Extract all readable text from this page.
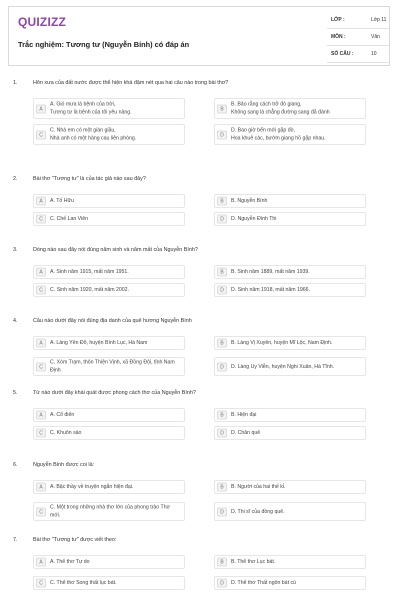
QUIZIZZ
Trắc nghiệm: Tương tư (Nguyễn Bính) có đáp án
LỚP :	Lớp 11
MÔN :	Văn
SỐ CÂU :	10
1.	Hôn xưa của đất nước được thể hiện khá đậm nét qua hai câu nào trong bài thơ?
A
A. Gió mưa là bệnh của trời,
Tương tư là bệnh của tôi yêu nàng.
B
B. Bảo rằng cách trở đò giang,
Không sang là chẳng đường sang đã đành
C
C. Nhà em có một giàn giầu,
Nhà anh có một hàng cau liên phòng.
D
D. Bao giờ bến mới gặp đò,
Hoa khuê các, bướm giang hồ gặp nhau.
2.	Bài thơ "Tương tư" là của tác giả nào sau đây?
A	A. Tố Hữu	B	B. Nguyễn Bính
C	C. Chế Lan Viên	D	D. Nguyễn Đình Thi
3.	Dòng nào sau đây nói đúng năm sinh và năm mất của Nguyễn Bính?
A	A. Sinh năm 1915, mất năm 1951.	B	B. Sinh năm 1889, mất năm 1939.
C	C. Sinh năm 1920, mất năm 2002.	D	D. Sinh năm 1918, mất năm 1966.
4.	Câu nào dưới đây nói đúng địa danh của quê hương Nguyễn Bính
A	A. Làng Yên Đổ, huyện Bình Lục, Hà Nam	B	B. Làng Vị Xuyên, huyện Mĩ Lộc, Nam Định.
C
C. Xóm Trạm, thôn Thiện Vịnh, xã Đồng Đội, tỉnh Nam Định
D	D. Làng Uy Viễn, huyện Nghi Xuân, Hà Tĩnh.
5.	Từ nào dưới đây khái quát được phong cách thơ của Nguyễn Bính?
A	A. Cổ điển	B	B. Hiện đại
C	C. Khuôn sáo	D	D. Chân quê
6.	Nguyễn Bính được coi là:
A	A. Bậc thầy về truyện ngắn hiện đại.	B	B. Người của hai thế kỉ.
C
C. Một trong những nhà thơ lớn của phong trào Thơ mới.
D	D. Thi sĩ của đồng quê.
7.	Bài thơ "Tương tư" được viết theo:
A	A. Thể thơ Tự do	B	B. Thể thơ Lục bát.
C	C. Thể thơ Song thất lục bát.	D	D. Thể thơ Thất ngôn bát cú
